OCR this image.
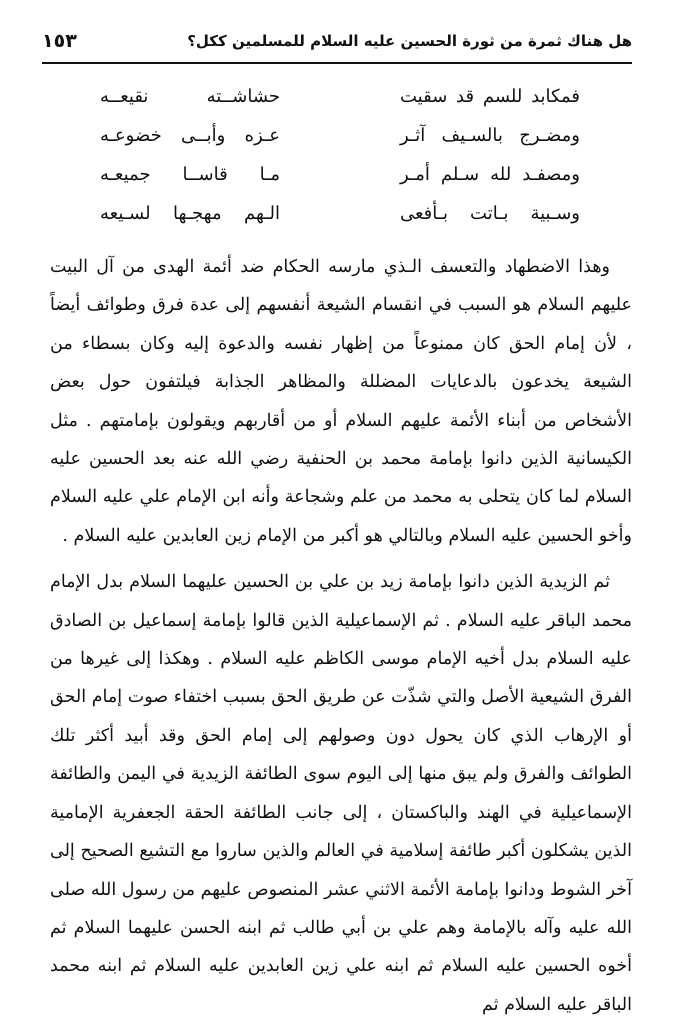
هل هناك ثمرة من ثورة الحسين عليه السلام للمسلمين ككل؟
١٥٣
فمكابد للسم قد سقيت
حشاشــته نقيعــه
ومضـرج بالسـيف آثـر
عـزه وأبــى خضوعـه
ومصفـد لله سـلم أمـر
مـا قاســا جميعـه
وسـبية بـاتت بـأفعى
الـهم مهجـها لسـيعه

وهذا الاضطهاد والتعسف الـذي مارسه الحكام ضد أئمة الهدى من آل البيت عليهم السلام هو السبب في انقسام الشيعة أنفسهم إلى عدة فرق وطوائف أيضاً ، لأن إمام الحق كان ممنوعاً من إظهار نفسه والدعوة إليه وكان بسطاء من الشيعة يخدعون بالدعايات المضللة والمظاهر الجذابة فيلتفون حول بعض الأشخاص من أبناء الأئمة عليهم السلام أو من أقاربهم ويقولون بإمامتهم . مثل الكيسانية الذين دانوا بإمامة محمد بن الحنفية رضي الله عنه بعد الحسين عليه السلام لما كان يتحلى به محمد من علم وشجاعة وأنه ابن الإمام علي عليه السلام وأخو الحسين عليه السلام وبالتالي هو أكبر من الإمام زين العابدين عليه السلام .

ثم الزيدية الذين دانوا بإمامة زيد بن علي بن الحسين عليهما السلام بدل الإمام محمد الباقر عليه السلام . ثم الإسماعيلية الذين قالوا بإمامة إسماعيل بن الصادق عليه السلام بدل أخيه الإمام موسى الكاظم عليه السلام . وهكذا إلى غيرها من الفرق الشيعية الأصل والتي شذّت عن طريق الحق بسبب اختفاء صوت إمام الحق أو الإرهاب الذي كان يحول دون وصولهم إلى إمام الحق وقد أبيد أكثر تلك الطوائف والفرق ولم يبق منها إلى اليوم سوى الطائفة الزيدية في اليمن والطائفة الإسماعيلية في الهند والباكستان ، إلى جانب الطائفة الحقة الجعفرية الإمامية الذين يشكلون أكبر طائفة إسلامية في العالم والذين ساروا مع التشيع الصحيح إلى آخر الشوط ودانوا بإمامة الأئمة الاثني عشر المنصوص عليهم من رسول الله صلى الله عليه وآله بالإمامة وهم علي بن أبي طالب ثم ابنه الحسن عليهما السلام ثم أخوه الحسين عليه السلام ثم ابنه علي زين العابدين عليه السلام ثم ابنه محمد الباقر عليه السلام ثم
